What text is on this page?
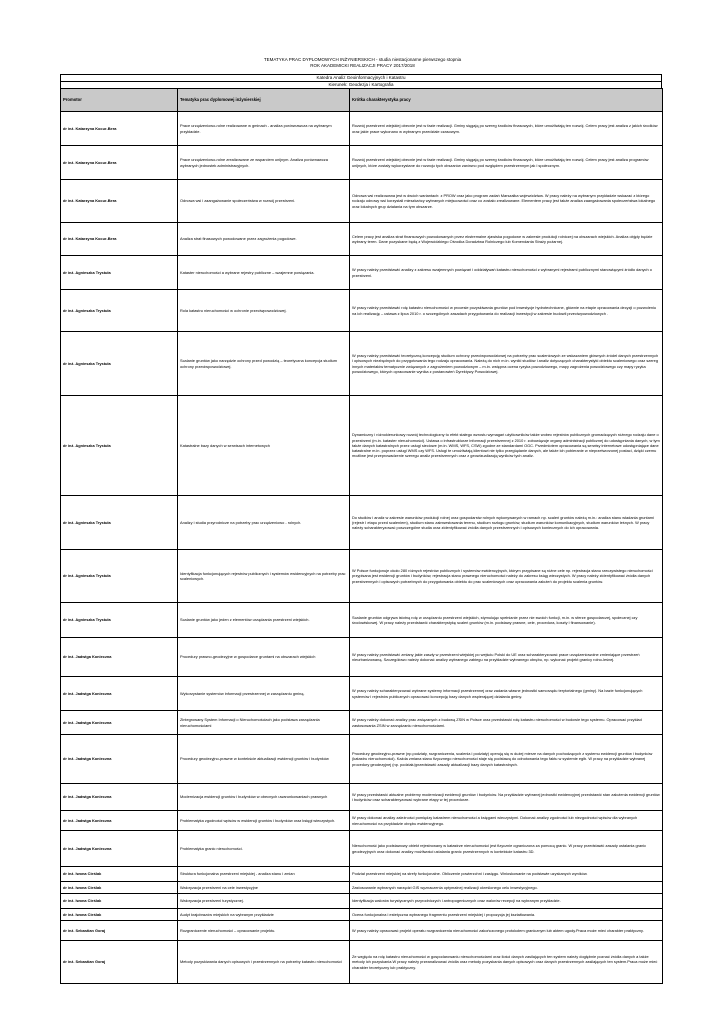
TEMATYKA PRAC DYPLOMOWYCH INŻYNIERSKICH - studia niestacjonarne pierwszego stopnia
ROK AKADEMICKI REALIZACJI PRACY 2017/2018
Katedra Analiz Geoinformacyjnych i Katastru
Kierunek: Geodezja i Kartografia
Promotor	Tematyka prac dyplomowej inżynierskiej	Krótka charakterystyka pracy
dr inż. Katarzyna Kocur-Bera	Prace urządzeniowo-rolne realizowane w gminach - analiza porównawcza na wybranym przykładzie.	Rozwój przestrzeni wiejskiej obecnie jest w fazie realizacji. Gminy sięgają po szereg środków finasowych, które umożliwiają ten rozwój. Celem pracy jest analiza z jakich środków oraz jakie prace wykonano w wybranym przedziale czasowym.
dr inż. Katarzyna Kocur-Bera	Prace urządzeniowo-rolne zrealizowane ze wsparciem unijnym. Analiza porównawcza wybranych jednostek administracyjnych.	Rozwój przestrzeni wiejskiej obecnie jest w fazie realizacji. Gminy sięgają po szereg środków finasowych, które umożliwiają ten rozwój. Celem pracy jest analiza programów unijnych, które zostały wykorzystane do rozwoju tych obszarów zarówno pod względem przestrzennym jak i społecznym.
dr inż. Katarzyna Kocur-Bera	Odnowa wsi i zaangażowanie społeczeństwa w rozwój przestrzeni.	Odnowa wsi realizowana jest w dwóch wariantach: z PROW oraz jako program zadań Marszałka województwa. W pracy należy na wybranym przykładzie wskazać z którego rodzaju odnowy wsi korzystali mieszkańcy wybranych miejscowości oraz co zostało zrealizowane. Elementem pracy jest także analiza zaangażowania społeczeństwa lokalnego oraz lokalnych grup działania na tym obszarze.
dr inż. Katarzyna Kocur-Bera	Analiza strat finasowych powodowane przez zagrożenia pogodowe.	Celem pracy jest analiza strat finansowych powodowanych przez ekstremalne zjawiska pogodowe w zakresie produkcji rolniczej na obszarach wiejskich. Analiza objęty będzie wybrany teren. Dane pozyskane będą z Wojewódzkiego Ośrodka Doradztwa Rolniczego lub Komendanta Straży pożarnej.
dr inż. Agnieszka Trystuła	Kataster nieruchomości a wybrane rejestry publiczne – wzajemne powiązania.	W pracy należy przedstawić analizy z zakresu wzajemnych powiązań i oddziaływań katastru nieruchomości z wybranymi rejestrami publicznymi stanowiącymi źródło danych o przestrzeni.
dr inż. Agnieszka Trystuła	Rola katastru nieruchomości w ochronie przeciwpowodziowej.	W pracy należy przedstawić rolę katastru nieruchomości w procesie pozyskiwania gruntów pod inwestycje hydrotechniczne, głównie na etapie opracowania decyzji o pozwoleniu na ich realizację – ustawa z lipca 2010 r. o szczególnych zasadach przygotowania do realizacji inwestycji w zakresie budowli przeciwpowodziowych .
dr inż. Agnieszka Trystuła	Scalanie gruntów jako narzędzie ochrony przed powodzią – teoretyczna koncepcja studium ochrony przeciwpowodziowej.	W pracy należy przedstawić teoretyczną koncepcję studium ochrony przeciwpowodziowej na potrzeby prac scaleniowych ze wskazaniem głównych źródeł danych przestrzennych i opisowych niezbędnych do przygotowania tego rodzaju opracowania. Należą do nich m.in. wyniki studiów i analiz dotyczących charakterystyki obiektu scaleniowego oraz szereg innych materiałów tematycznie związanych z zagrożeniem powodziowym – m.in. wstępna ocena ryzyka powodziowego, mapy zagrożenia powodziowego czy mapy ryzyka powodziowego, których opracowanie wynika z postanowień Dyrektywy Powodziowej.
dr inż. Agnieszka Trystuła	Katastralne bazy danych w serwisach internetowych	Dynamiczny i różnokierunkowy rozwój technologiczny to efekt stałego wzrostu wymagań użytkowników także wobec rejestrów publicznych gromadzących różnego rodzaju dane o przestrzeni (m.in. kataster nieruchomości). Ustawa o infrastrukturze informacji przestrzennej z 2010 r. zobowiązuje organy administracji publicznej do udostępniania danych, w tym także danych katastralnych przez usługi sieciowe (m.in. WMS, WFS, CSW) zgodne ze standardami OGC. Przedmiotem opracowania są serwisy internetowe udostępniające dane katastralne m.in. poprzez usługi WMS czy WFS. Usługi te umożliwiają klientowi nie tylko przeglądanie danych, ale także ich pobieranie w nieprzetworzonej postaci, dzięki czemu możliwe jest przeprowadzenie szeregu analiz przestrzennych oraz z geowizualizacją wyników tych analiz.
dr inż. Agnieszka Trystuła	Analizy i studia przyrodnicze na potrzeby prac urządzeniowo - rolnych.	Do studiów i analiz w zakresie warunków produkcji rolnej oraz gospodarstw rolnych wykonywanych w ramach np. scaleń gruntów należą m.in.: analiza stanu władania gruntami (rejestr I etapu przed scaleniem), studium stanu zainwestowania terenu, studium rozłogu gruntów, studium warunków komunikacyjnych, studium warunków leśnych. W pracy należy scharakteryzować poszczególne studia oraz zidentyfikować źródła danych przestrzennych i opisowych koniecznych do ich opracowania.
dr inż. Agnieszka Trystuła	Identyfikacja funkcjonujących rejestrów publicznych i systemów ewidencyjnych na potrzeby prac scaleniowych.	W Polsce funkcjonuje około 280 różnych rejestrów publicznych i systemów ewidencyjnych, którym przypisane są różne cele np. rejestracja stanu rzeczywistego nieruchomości przypisana jest ewidencji gruntów i budynków, rejestracja stanu prawnego nieruchomości należy do zakresu ksiąg wieczystych. W pracy należy zidentyfikować źródła danych przestrzennych i opisowych potrzebnych do przygotowania obiektu do prac scaleniowych oraz opracowania założeń do projektu scalenia gruntów.
dr inż. Agnieszka Trystuła	Scalanie gruntów jako jeden z elementów urządzania przestrzeni wiejskich.	Scalanie gruntów odgrywa istotną rolę w urządzaniu przestrzeni wiejskich, stymulując spełnianie przez nie swoich funkcji, m.in. w sferze gospodarczej, społecznej czy środowiskowej. W pracy należy przedstawić charakterystykę scaleń gruntów (m.in. podstawy prawne, cele, procedura, koszty i finansowanie).
dr inż. Jadwiga Konieczna	Procedury prawno-geodezyjne w gospodarce gruntami na obszarach wiejskich	W pracy należy przedstawić zmiany jakie zaszły w przestrzeni wiejskiej po wejściu Polski do UE oraz scharakteryzować prace urządzeniowolne zmieniające przestrzeń nieurbanizowaną. Szczegółowo należy dokonać analizy wybranego zabiegu na przykładzie wybranego obrębu, np. wykonać projekt granicy rolno-leśnej.
dr inż. Jadwiga Konieczna	Wykorzystanie systemów informacji przestrzennej w zarządzaniu gminą.	W pracy należy scharakteryzować wybrane systemy informacji przestrzennej oraz zadania własne jednostki samorządu terytorialnego (gminy). Na bazie funkcjonujących systemów i rejestrów publicznych opracować koncepcję bazy danych wspierającej działania gminy.
dr inż. Jadwiga Konieczna	Zintegrowany System Informacji o Nieruchomościach jako podstawa zarządzania nieruchomościami	W pracy należy dokonać analizy prac związanych z budową ZSIN w Polsce oraz przedstawić rolę katastru nieruchomości w budowie tego systemu. Opracować przykład zastosowania ZSIN w zarządzaniu nieruchomościami.
dr inż. Jadwiga Konieczna	Procedury geodezyjno-prawne w kontekście aktualizacji ewidencji gruntów i budynków	Procedury geodezyjno-prawne (np.podziały, rozgraniczenia, scalenia i podziały) operują się w dużej mierze na danych pochodzących z systemu ewidencji gruntów i budynków (katastru nieruchomości). Każda zmiana stanu fizycznego nieruchomości staje się podstawą do odnotowania tego faktu w systemie egib. W pracy na przykładzie wybranej procedury geodezyjnej (np. podziału)przedstawić zasady aktualizacji bazy danych katastralnych.
dr inż. Jadwiga Konieczna	Modernizacja ewidencji gruntów i budynków w obecnych uwarunkowaniach prawnych	W pracy przedstawić aktualne problemy modernizacji ewidencji gruntów i budynków. Na przykładzie wybranej jednostki ewidencyjnej przedstawić stan założenia ewidencji gruntów i budynków oraz scharakteryzować wybrane etapy w tej procedurze.
dr inż. Jadwiga Konieczna	Problematyka zgodności wpisów w ewidencji gruntów i budynków oraz księgi wieczystych.	W pracy dokonać analizy zależności pomiędzy katastrem nieruchomości a księgami wieczystymi. Dokonać analizy zgodności lub niezgodności wpisów dla wybranych nieruchomości na przykładzie obrębu ewidencyjnego.
dr inż. Jadwiga Konieczna	Problematyka granic nieruchomości.	Nieruchomość jako podstawowy obiekt rejestrowany w katastrze nieruchomości jest fizycznie ograniczona za pomocą granic. W pracy przedstawić zasady ustalania granic geodezyjnych oraz dokonać analizy możliwości ustalania granic przestrzennych w kontekście katastru 3D.
dr inż. Iwona Cieślak	Struktura funkcjonalna przestrzeni miejskiej - analiza stanu i zmian	Podział przestrzeni miejskiej na strefy funkcjonalne. Obliczenie powierzchni i zasięgu. Wnioskowanie na podstawie uzyskanych wyników.
dr inż. Iwona Cieślak	Waloryzacja przestrzeni na cele inwestycyjne	Zastosowanie wybranych narzędzi GIS wyznaczenia optymalnej realizacji określonego celu inwestycyjnego.
dr inż. Iwona Cieślak	Waloryzacja przestrzeni turystycznej.	Identyfikacja walorów turystycznych przyrodniczych i antropogenicznych oraz walorów recepcji na wybranym przykładzie.
dr inż. Iwona Cieślak	Audyt krajobrazów miejskich na wybranym przykładzie	Ocena funkcjonalna i estetyczna wybranego fragmentu przestrzeni miejskiej i propozycja jej kształtowania.
dr inż. Sebastian Goraj	Rozgraniczenie nieruchomości – opracowanie projektu.	W pracy należy opracować projekt operatu rozgraniczenia nieruchomości zakończonego protokołem granicznym lub aktem ugody.Praca może mieć charakter praktyczny.
dr inż. Sebastian Goraj	Metody pozyskiwania danych opisowych i przestrzennych na potrzeby katastru nieruchomości	Ze względu na rolę katastru nieruchomości w gospodarowaniu nieruchomościami oraz ilości danych zasilających ten system należy dogłębnie poznać źródła danych a także metody ich pozyskania.W pracy należy przeanalizować źródła oraz metody pozyskania danych opisowych oraz danych przestrzennych zasilających ten system.Praca może mieć charakter teoretyczny lub praktyczny.
